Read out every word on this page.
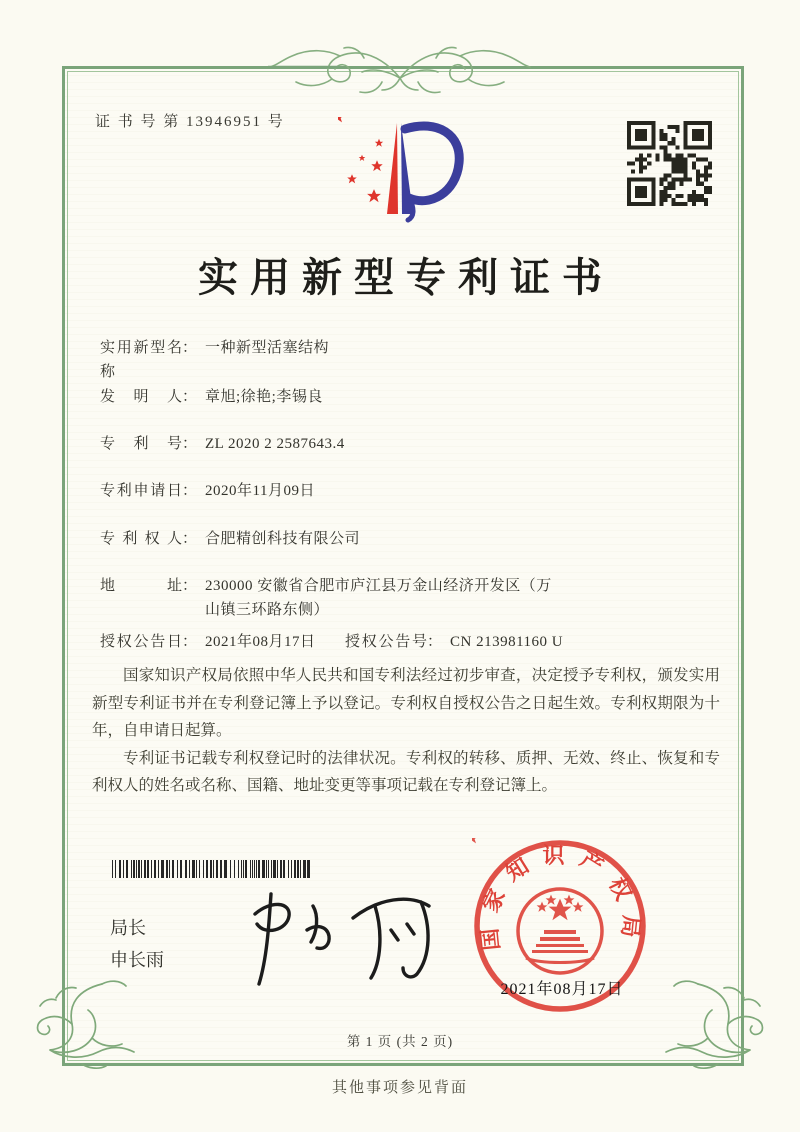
证 书 号 第 13946951 号
实用新型专利证书
实用新型名称
： 一种新型活塞结构
发明人 ： 章旭;徐艳;李锡良
专利号 ： ZL 2020 2 2587643.4
专利申请日 ： 2020年11月09日
专利权人 ： 合肥精创科技有限公司
地址 ： 230000 安徽省合肥市庐江县万金山经济开发区（万山镇三环路东侧）
授权公告日 ： 2021年08月17日 授权公告号 ： CN 213981160 U

国家知识产权局依照中华人民共和国专利法经过初步审查，决定授予专利权，颁发实用新型专利证书并在专利登记簿上予以登记。专利权自授权公告之日起生效。专利权期限为十年，自申请日起算。

专利证书记载专利权登记时的法律状况。专利权的转移、质押、无效、终止、恢复和专利权人的姓名或名称、国籍、地址变更等事项记载在专利登记簿上。

局长
申长雨
国家知识产权局
2021年08月17日
第 1 页 (共 2 页)
其他事项参见背面
